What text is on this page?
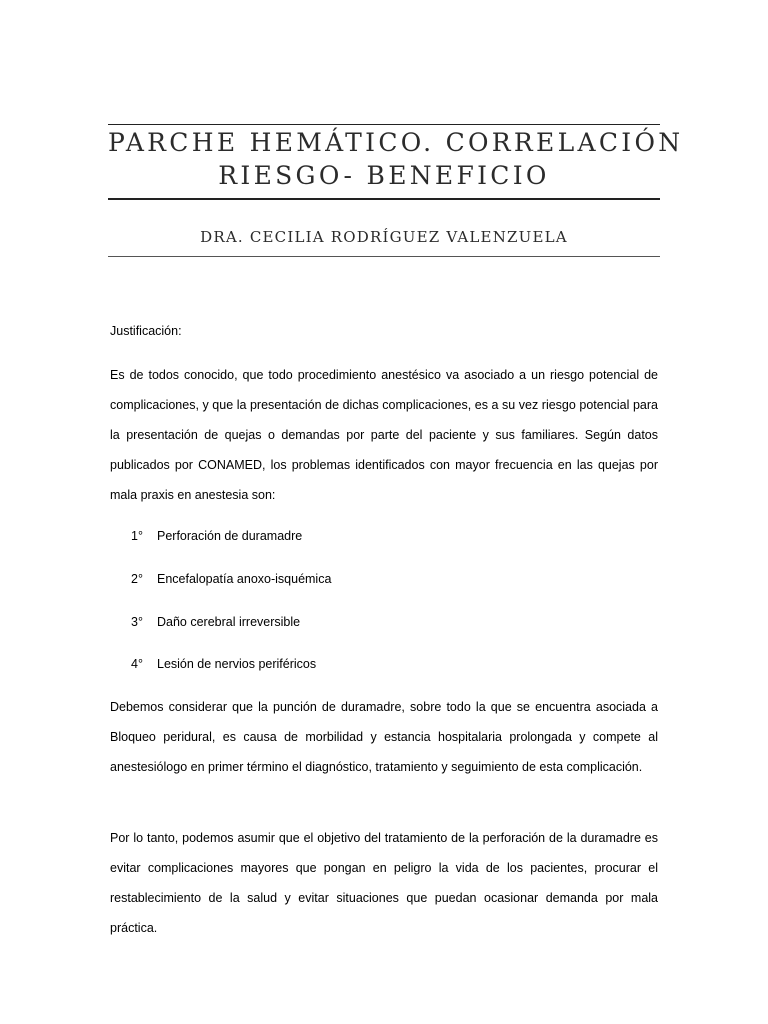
PARCHE HEMÁTICO. CORRELACIÓN
RIESGO- BENEFICIO
DRA. CECILIA RODRÍGUEZ VALENZUELA

Justificación:

Es de todos conocido, que todo procedimiento anestésico va asociado a un riesgo potencial de complicaciones, y que la presentación de dichas complicaciones, es a su vez riesgo potencial para la presentación de quejas o demandas por parte del paciente y sus familiares. Según datos publicados por CONAMED, los problemas identificados con mayor frecuencia en las quejas por mala praxis en anestesia son:

1° Perforación de duramadre

2° Encefalopatía anoxo-isquémica

3° Daño cerebral irreversible

4° Lesión de nervios periféricos

Debemos considerar que la punción de duramadre, sobre todo la que se encuentra asociada a Bloqueo peridural, es causa de morbilidad y estancia hospitalaria prolongada y compete al anestesiólogo en primer término el diagnóstico, tratamiento y seguimiento de esta complicación.

Por lo tanto, podemos asumir que el objetivo del tratamiento de la perforación de la duramadre es evitar complicaciones mayores que pongan en peligro la vida de los pacientes, procurar el restablecimiento de la salud y evitar situaciones que puedan ocasionar demanda por mala práctica.
